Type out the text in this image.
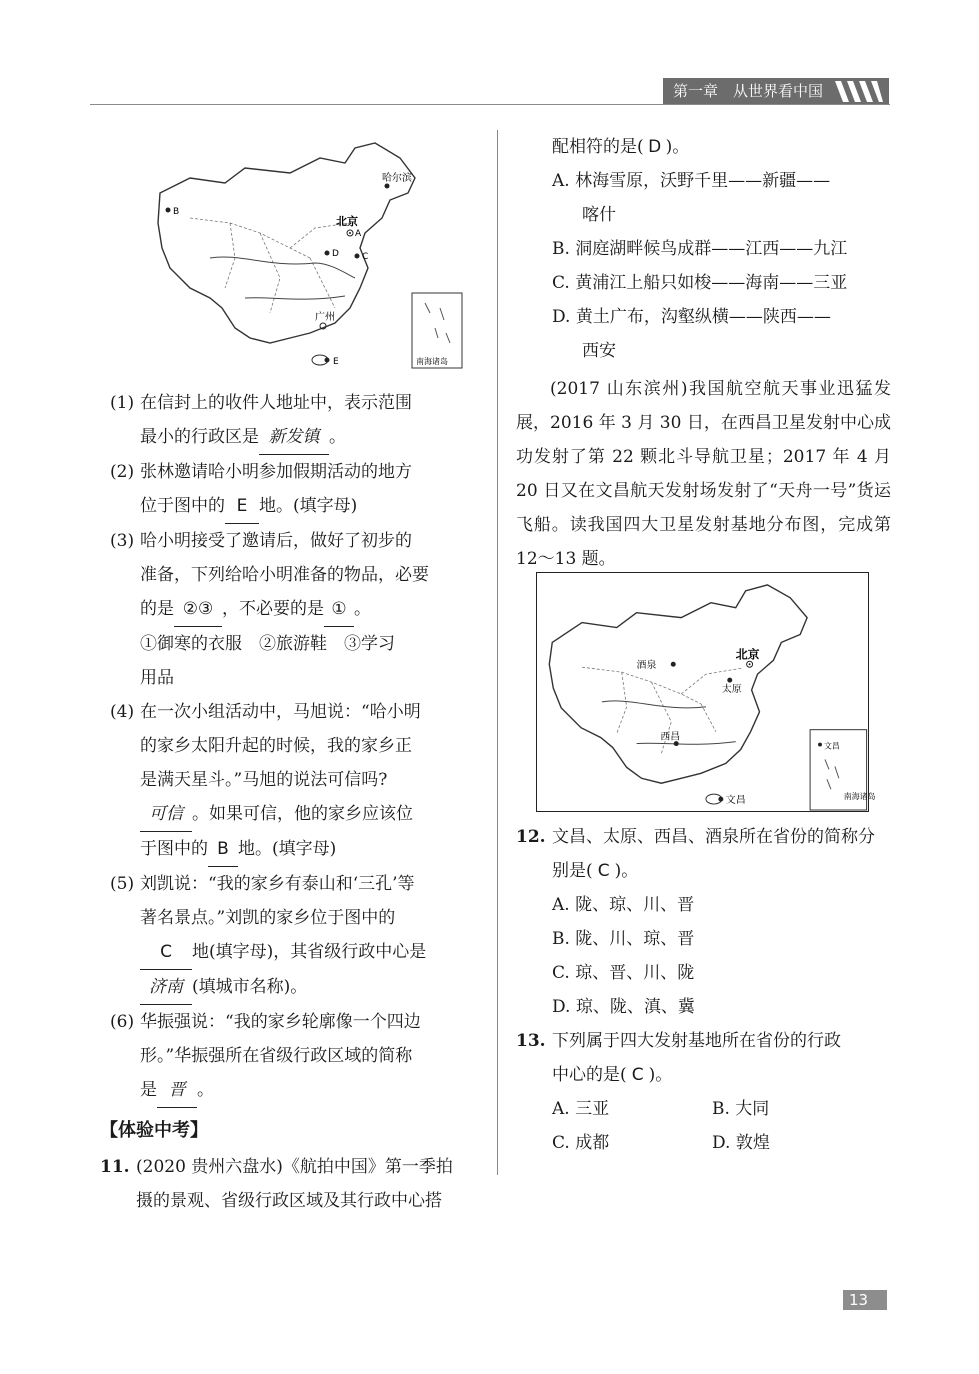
第一章　从世界看中国
南海诸岛
哈尔滨
北京
A
B
C
D
广州
E
(1) 在信封上的收件人地址中，表示范围
最小的行政区是 新发镇 。
(2) 张林邀请哈小明参加假期活动的地方
位于图中的 E 地。(填字母)
(3) 哈小明接受了邀请后，做好了初步的
准备，下列给哈小明准备的物品，必要
的是 ②③ ，不必要的是 ① 。
①御寒的衣服　②旅游鞋　③学习
用品
(4) 在一次小组活动中，马旭说：“哈小明
的家乡太阳升起的时候，我的家乡正
是满天星斗。”马旭的说法可信吗?
可信 。如果可信，他的家乡应该位
于图中的 B 地。(填字母)
(5) 刘凯说：“我的家乡有泰山和‘三孔’等
著名景点。”刘凯的家乡位于图中的
C 地(填字母)，其省级行政中心是
济南 (填城市名称)。
(6) 华振强说：“我的家乡轮廓像一个四边
形。”华振强所在省级行政区域的简称
是 晋 。
【体验中考】
11. (2020 贵州六盘水)《航拍中国》第一季拍
摄的景观、省级行政区域及其行政中心搭
配相符的是( D )。
A. 林海雪原，沃野千里——新疆——
喀什
B. 洞庭湖畔候鸟成群——江西——九江
C. 黄浦江上船只如梭——海南——三亚
D. 黄土广布，沟壑纵横——陕西——
西安
(2017 山东滨州)我国航空航天事业迅猛发展，2016 年 3 月 30 日，在西昌卫星发射中心成功发射了第 22 颗北斗导航卫星；2017 年 4 月 20 日又在文昌航天发射场发射了“天舟一号”货运飞船。读我国四大卫星发射基地分布图，完成第 12～13 题。
文昌
南海诸岛
北京
酒泉
太原
西昌
文昌
12. 文昌、太原、西昌、酒泉所在省份的简称分
别是( C )。
A. 陇、琼、川、晋
B. 陇、川、琼、晋
C. 琼、晋、川、陇
D. 琼、陇、滇、冀
13. 下列属于四大发射基地所在省份的行政
中心的是( C )。
A. 三亚	B. 大同
C. 成都	D. 敦煌
13
